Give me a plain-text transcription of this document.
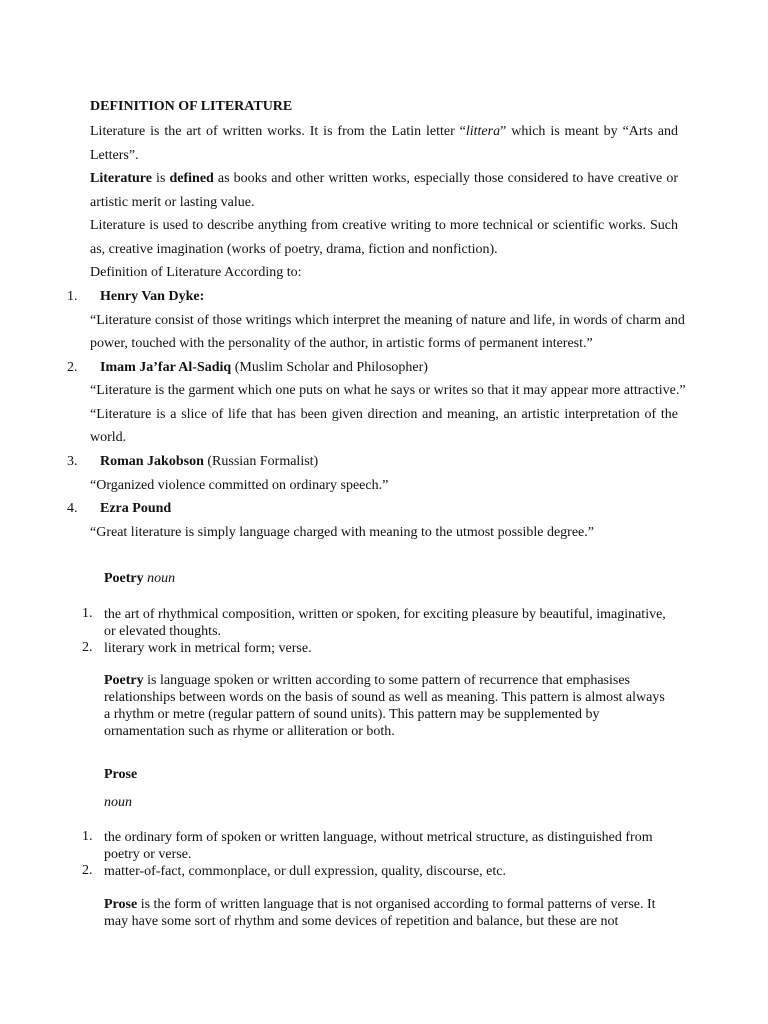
DEFINITION OF LITERATURE
Literature is the art of written works. It is from the Latin letter “littera” which is meant by “Arts and
Letters”.
Literature is defined as books and other written works, especially those considered to have creative or
artistic merit or lasting value.
Literature is used to describe anything from creative writing to more technical or scientific works. Such
as, creative imagination (works of poetry, drama, fiction and nonfiction).
Definition of Literature According to:
1. Henry Van Dyke:
“Literature consist of those writings which interpret the meaning of nature and life, in words of charm and
power, touched with the personality of the author, in artistic forms of permanent interest.”
2. Imam Ja’far Al-Sadiq (Muslim Scholar and Philosopher)
“Literature is the garment which one puts on what he says or writes so that it may appear more attractive.”
“Literature is a slice of life that has been given direction and meaning, an artistic interpretation of the
world.
3. Roman Jakobson (Russian Formalist)
“Organized violence committed on ordinary speech.”
4. Ezra Pound
“Great literature is simply language charged with meaning to the utmost possible degree.”
Poetry noun
1. the art of rhythmical composition, written or spoken, for exciting pleasure by beautiful, imaginative,
or elevated thoughts.
2. literary work in metrical form; verse.
Poetry is language spoken or written according to some pattern of recurrence that emphasises
relationships between words on the basis of sound as well as meaning. This pattern is almost always
a rhythm or metre (regular pattern of sound units). This pattern may be supplemented by
ornamentation such as rhyme or alliteration or both.
Prose
noun
1. the ordinary form of spoken or written language, without metrical structure, as distinguished from
poetry or verse.
2. matter-of-fact, commonplace, or dull expression, quality, discourse, etc.
Prose is the form of written language that is not organised according to formal patterns of verse. It
may have some sort of rhythm and some devices of repetition and balance, but these are not
